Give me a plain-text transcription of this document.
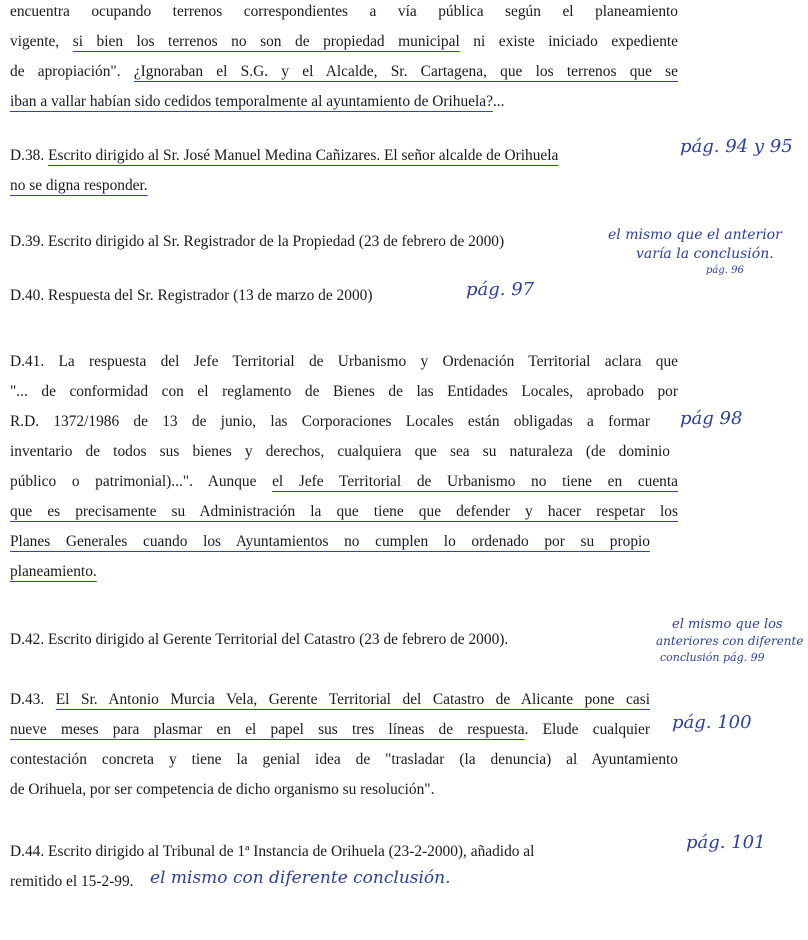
encuentra ocupando terrenos correspondientes a vía pública según el planeamiento
vigente, si bien los terrenos no son de propiedad municipal ni existe iniciado expediente
de apropiación". ¿Ignoraban el S.G. y el Alcalde, Sr. Cartagena, que los terrenos que se
iban a vallar habían sido cedidos temporalmente al ayuntamiento de Orihuela?...
D.38. Escrito dirigido al Sr. José Manuel Medina Cañizares. El señor alcalde de Orihuela
no se digna responder.
pág. 94 y 95
D.39. Escrito dirigido al Sr. Registrador de la Propiedad (23 de febrero de 2000)	el mismo que el anterior
varía la conclusión.
pág. 96
D.40. Respuesta del Sr. Registrador (13 de marzo de 2000)	pág. 97
D.41. La respuesta del Jefe Territorial de Urbanismo y Ordenación Territorial aclara que
"... de conformidad con el reglamento de Bienes de las Entidades Locales, aprobado por
R.D. 1372/1986 de 13 de junio, las Corporaciones Locales están obligadas a formar
inventario de todos sus bienes y derechos, cualquiera que sea su naturaleza (de dominio
público o patrimonial)...". Aunque el Jefe Territorial de Urbanismo no tiene en cuenta
que es precisamente su Administración la que tiene que defender y hacer respetar los
Planes Generales cuando los Ayuntamientos no cumplen lo ordenado por su propio
planeamiento.
pág 98
D.42. Escrito dirigido al Gerente Territorial del Catastro (23 de febrero de 2000).
el mismo que los
anteriores con diferente
conclusión pág. 99
D.43. El Sr. Antonio Murcia Vela, Gerente Territorial del Catastro de Alicante pone casi
nueve meses para plasmar en el papel sus tres líneas de respuesta. Elude cualquier
contestación concreta y tiene la genial idea de "trasladar (la denuncia) al Ayuntamiento
de Orihuela, por ser competencia de dicho organismo su resolución".
pág. 100
D.44. Escrito dirigido al Tribunal de 1ª Instancia de Orihuela (23-2-2000), añadido al
remitido el 15-2-99. el mismo con diferente conclusión.
pág. 101
